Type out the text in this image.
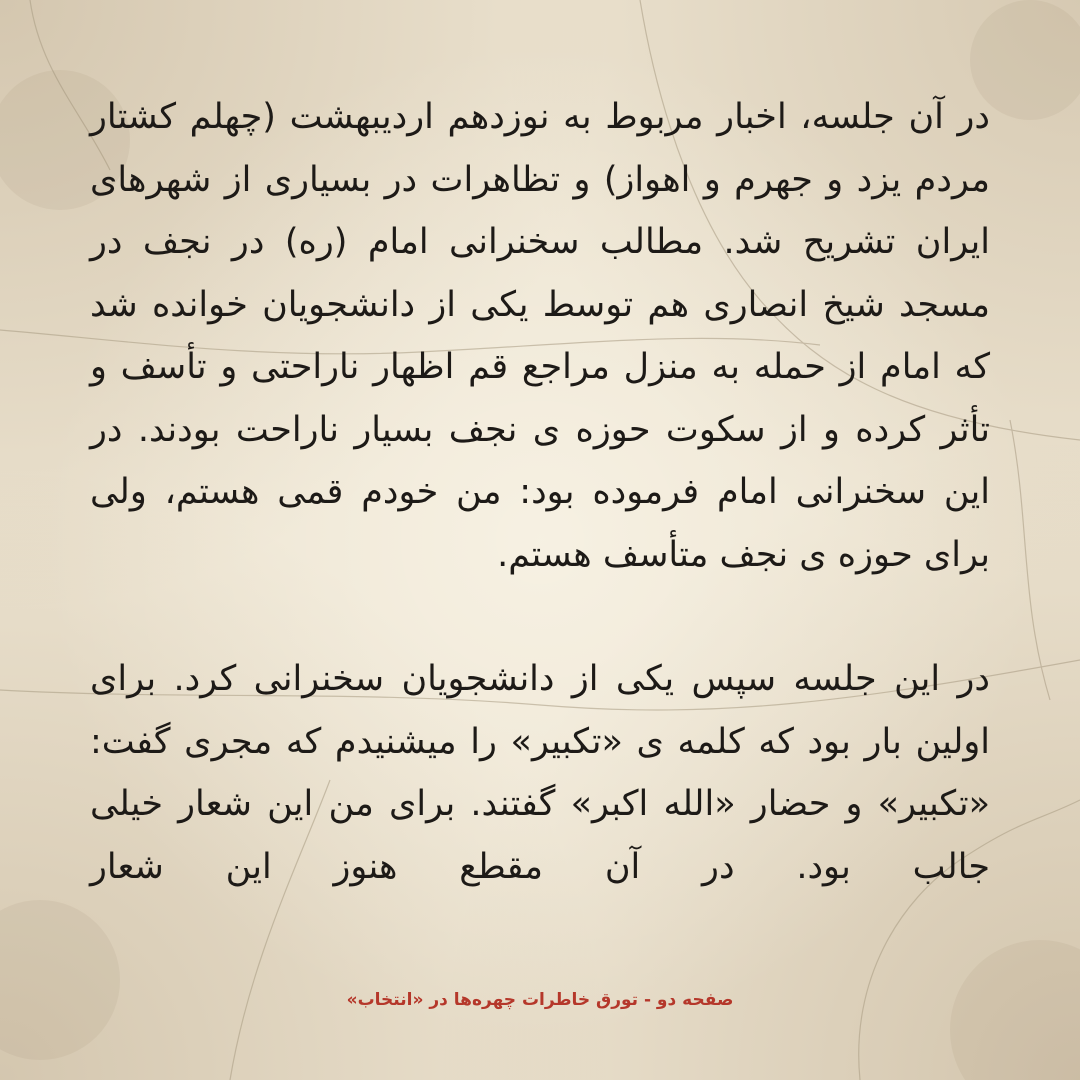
در آن جلسه، اخبار مربوط به نوزدهم اردیبهشت (چهلم کشتار مردم یزد و جهرم و اهواز) و تظاهرات در بسیاری از شهرهای ایران تشریح شد. مطالب سخنرانی امام (ره) در نجف در مسجد شیخ انصاری هم توسط یکی از دانشجویان خوانده شد که امام از حمله به منزل مراجع قم اظهار ناراحتی و تأسف و تأثر کرده و از سکوت حوزه ی نجف بسیار ناراحت بودند. در این سخنرانی امام فرموده بود: من خودم قمی هستم، ولی برای حوزه ی نجف متأسف هستم.

در این جلسه سپس یکی از دانشجویان سخنرانی کرد. برای اولین بار بود که کلمه ی «تکبیر» را میشنیدم که مجری گفت: «تکبیر» و حضار «الله اکبر» گفتند. برای من این شعار خیلی جالب بود. در آن مقطع هنوز این شعار

صفحه دو - تورق خاطرات چهره‌ها در «انتخاب»
